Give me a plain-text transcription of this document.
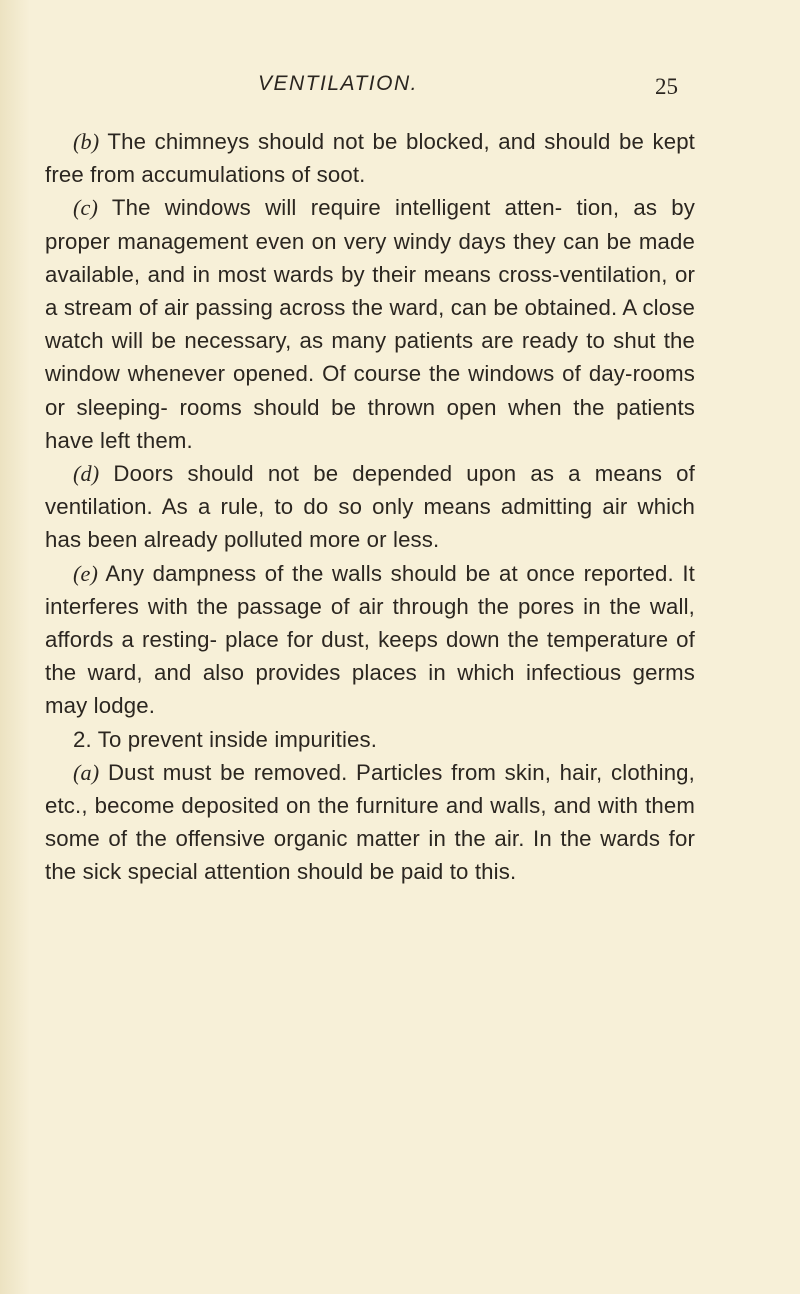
VENTILATION.	25

(b) The chimneys should not be blocked, and should be kept free from accumulations of soot.

(c) The windows will require intelligent atten- tion, as by proper management even on very windy days they can be made available, and in most wards by their means cross-ventilation, or a stream of air passing across the ward, can be obtained. A close watch will be necessary, as many patients are ready to shut the window whenever opened. Of course the windows of day-rooms or sleeping- rooms should be thrown open when the patients have left them.

(d) Doors should not be depended upon as a means of ventilation. As a rule, to do so only means admitting air which has been already polluted more or less.

(e) Any dampness of the walls should be at once reported. It interferes with the passage of air through the pores in the wall, affords a resting- place for dust, keeps down the temperature of the ward, and also provides places in which infectious germs may lodge.

2. To prevent inside impurities.

(a) Dust must be removed. Particles from skin, hair, clothing, etc., become deposited on the furniture and walls, and with them some of the offensive organic matter in the air. In the wards for the sick special attention should be paid to this.
